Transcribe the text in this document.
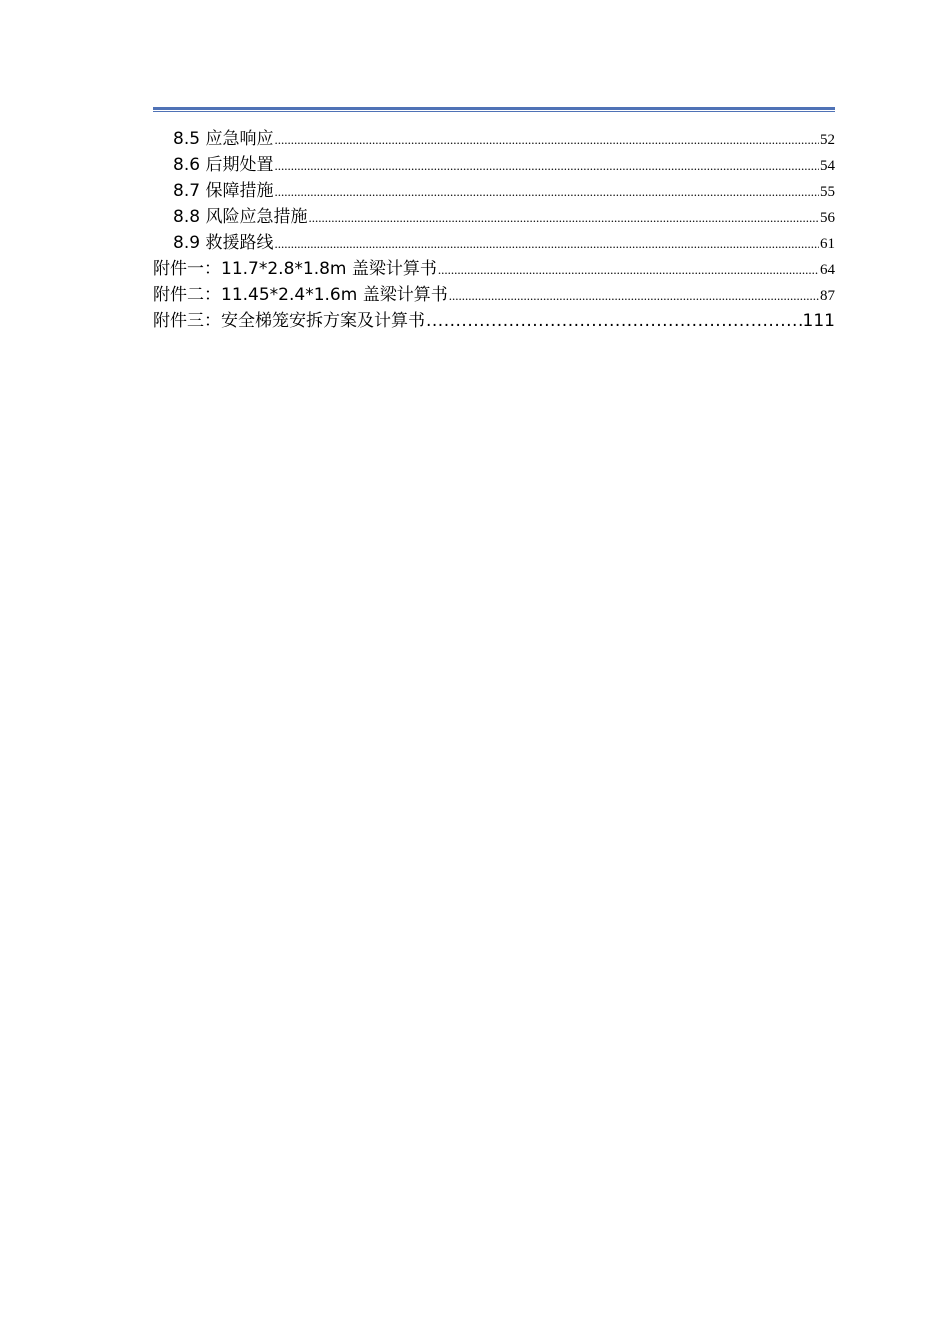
8.5 应急响应 .....	52
8.6 后期处置 .....	54
8.7 保障措施 .....	55
8.8 风险应急措施 .....	56
8.9 救援路线 .....	61
附件一：11.7*2.8*1.8m 盖梁计算书 .....	64
附件二：11.45*2.4*1.6m 盖梁计算书 .....	87
附件三：安全梯笼安拆方案及计算书 .....	111
